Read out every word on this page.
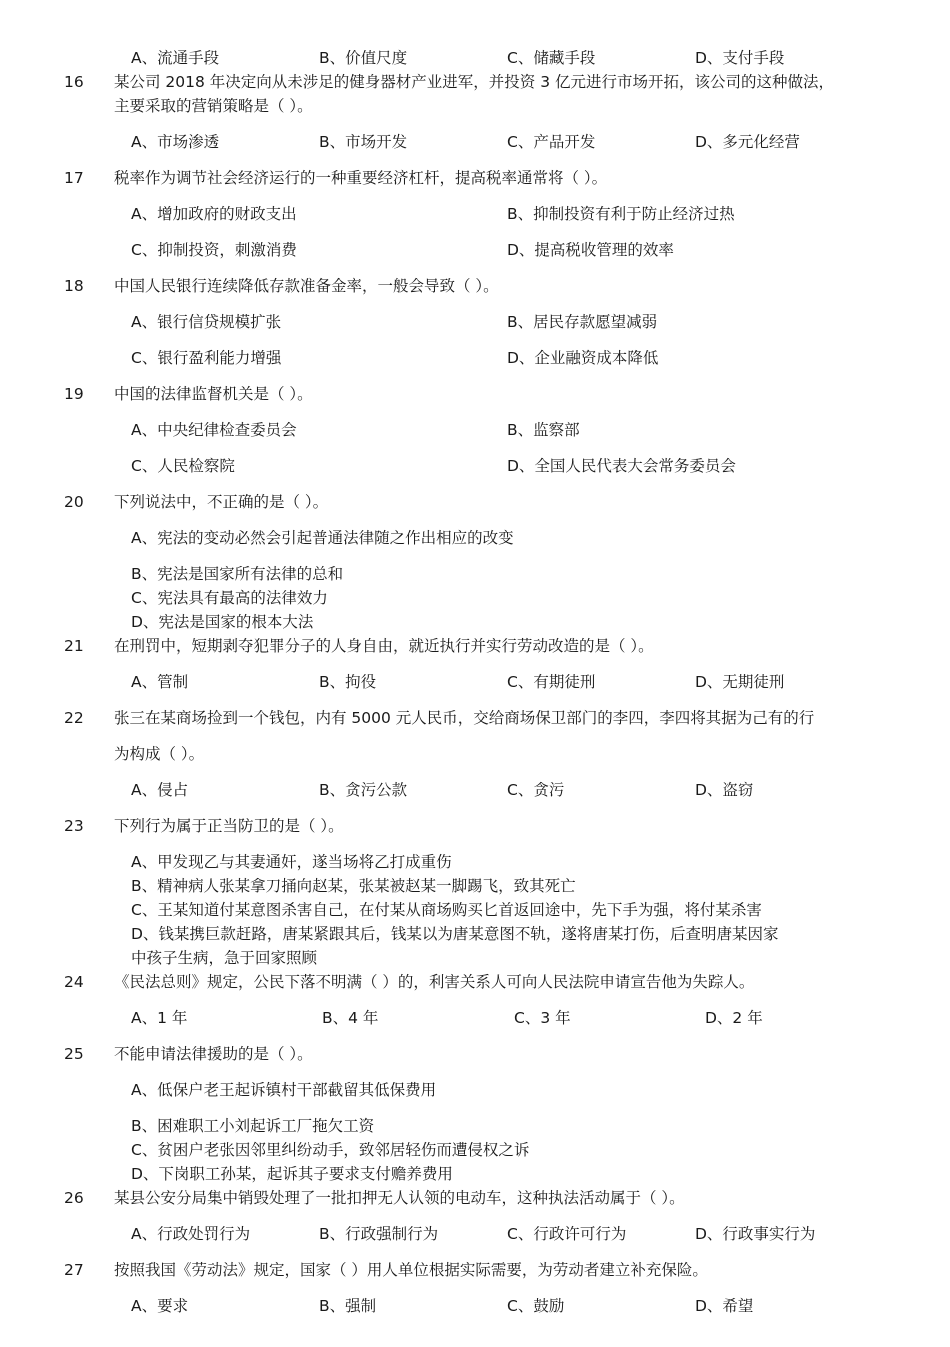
A、流通手段	B、价值尺度	C、储藏手段	D、支付手段
16 某公司 2018 年决定向从未涉足的健身器材产业进军，并投资 3 亿元进行市场开拓，该公司的这种做法，
主要采取的营销策略是（ ）。
A、市场渗透	B、市场开发	C、产品开发	D、多元化经营
17 税率作为调节社会经济运行的一种重要经济杠杆，提高税率通常将（ ）。
A、增加政府的财政支出	B、抑制投资有利于防止经济过热
C、抑制投资，刺激消费	D、提高税收管理的效率
18 中国人民银行连续降低存款准备金率，一般会导致（ ）。
A、银行信贷规模扩张	B、居民存款愿望减弱
C、银行盈利能力增强	D、企业融资成本降低
19 中国的法律监督机关是（ ）。
A、中央纪律检查委员会	B、监察部
C、人民检察院	D、全国人民代表大会常务委员会
20 下列说法中，不正确的是（ ）。
A、宪法的变动必然会引起普通法律随之作出相应的改变
B、宪法是国家所有法律的总和
C、宪法具有最高的法律效力
D、宪法是国家的根本大法
21 在刑罚中，短期剥夺犯罪分子的人身自由，就近执行并实行劳动改造的是（ ）。
A、管制	B、拘役	C、有期徒刑	D、无期徒刑
22 张三在某商场捡到一个钱包，内有 5000 元人民币，交给商场保卫部门的李四，李四将其据为己有的行
为构成（ ）。
A、侵占	B、贪污公款	C、贪污	D、盗窃
23 下列行为属于正当防卫的是（ ）。
A、甲发现乙与其妻通奸，遂当场将乙打成重伤
B、精神病人张某拿刀捅向赵某，张某被赵某一脚踢飞，致其死亡
C、王某知道付某意图杀害自己，在付某从商场购买匕首返回途中，先下手为强，将付某杀害
D、钱某携巨款赶路，唐某紧跟其后，钱某以为唐某意图不轨，遂将唐某打伤，后查明唐某因家
中孩子生病，急于回家照顾
24 《民法总则》规定，公民下落不明满（ ）的，利害关系人可向人民法院申请宣告他为失踪人。
A、1 年	B、4 年	C、3 年	D、2 年
25 不能申请法律援助的是（ ）。
A、低保户老王起诉镇村干部截留其低保费用
B、困难职工小刘起诉工厂拖欠工资
C、贫困户老张因邻里纠纷动手，致邻居轻伤而遭侵权之诉
D、下岗职工孙某，起诉其子要求支付赡养费用
26 某县公安分局集中销毁处理了一批扣押无人认领的电动车，这种执法活动属于（ ）。
A、行政处罚行为	B、行政强制行为	C、行政许可行为	D、行政事实行为
27 按照我国《劳动法》规定，国家（ ）用人单位根据实际需要，为劳动者建立补充保险。
A、要求	B、强制	C、鼓励	D、希望
